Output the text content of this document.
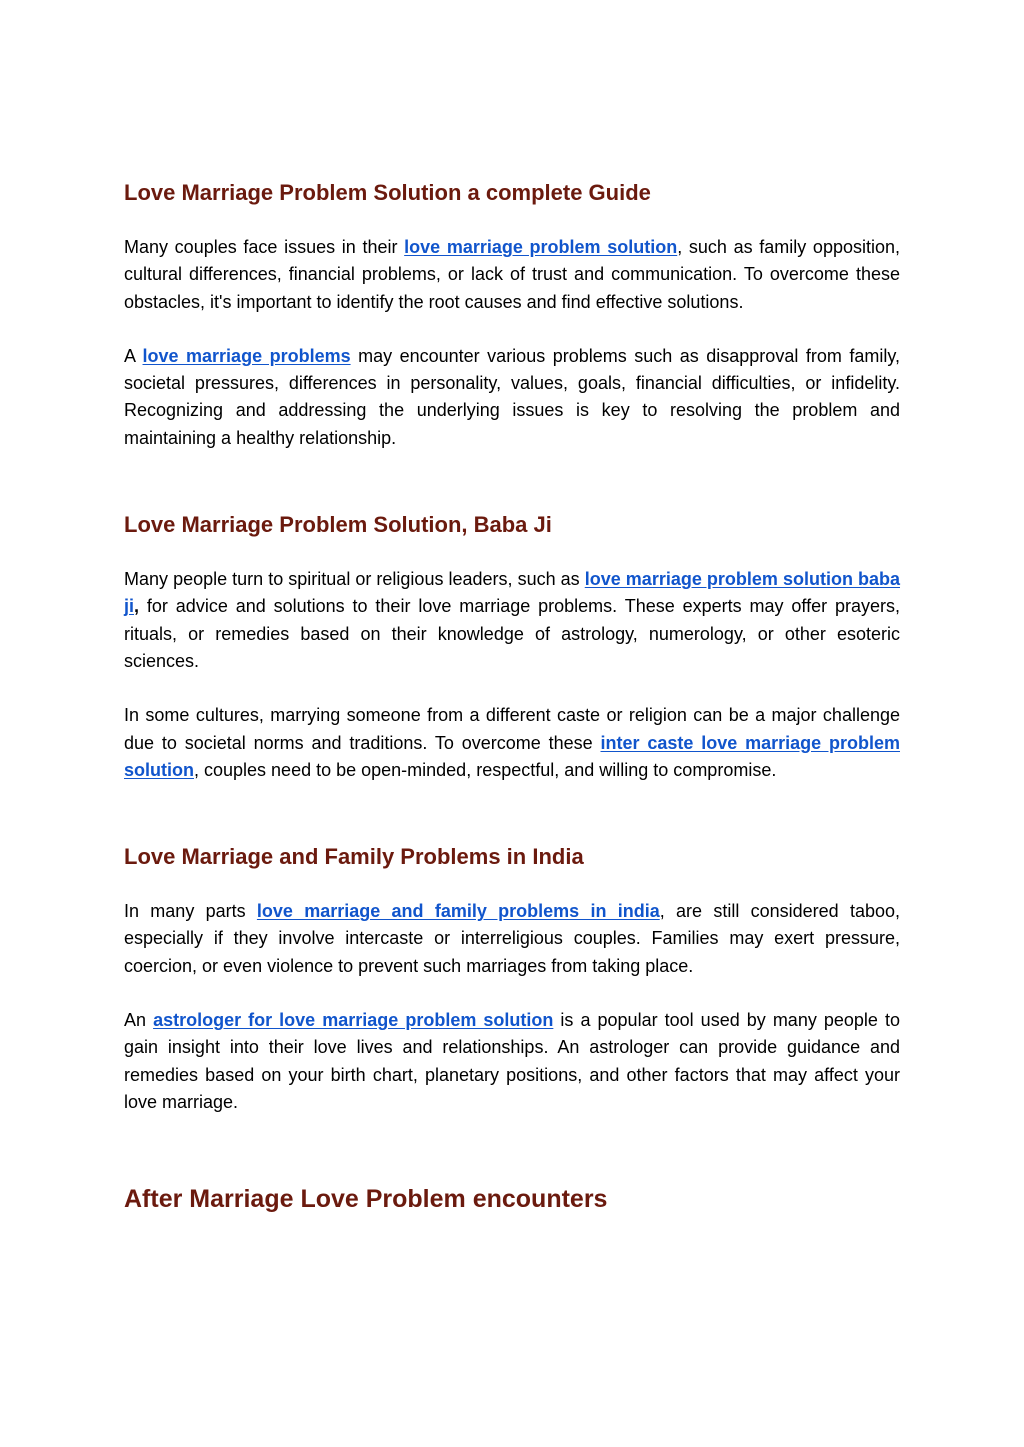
Love Marriage Problem Solution a complete Guide

Many couples face issues in their love marriage problem solution, such as family opposition, cultural differences, financial problems, or lack of trust and communication. To overcome these obstacles, it's important to identify the root causes and find effective solutions.

A love marriage problems may encounter various problems such as disapproval from family, societal pressures, differences in personality, values, goals, financial difficulties, or infidelity. Recognizing and addressing the underlying issues is key to resolving the problem and maintaining a healthy relationship.

Love Marriage Problem Solution, Baba Ji

Many people turn to spiritual or religious leaders, such as love marriage problem solution baba ji, for advice and solutions to their love marriage problems. These experts may offer prayers, rituals, or remedies based on their knowledge of astrology, numerology, or other esoteric sciences.

In some cultures, marrying someone from a different caste or religion can be a major challenge due to societal norms and traditions. To overcome these inter caste love marriage problem solution, couples need to be open-minded, respectful, and willing to compromise.

Love Marriage and Family Problems in India

In many parts love marriage and family problems in india, are still considered taboo, especially if they involve intercaste or interreligious couples. Families may exert pressure, coercion, or even violence to prevent such marriages from taking place.

An astrologer for love marriage problem solution is a popular tool used by many people to gain insight into their love lives and relationships. An astrologer can provide guidance and remedies based on your birth chart, planetary positions, and other factors that may affect your love marriage.

After Marriage Love Problem encounters
